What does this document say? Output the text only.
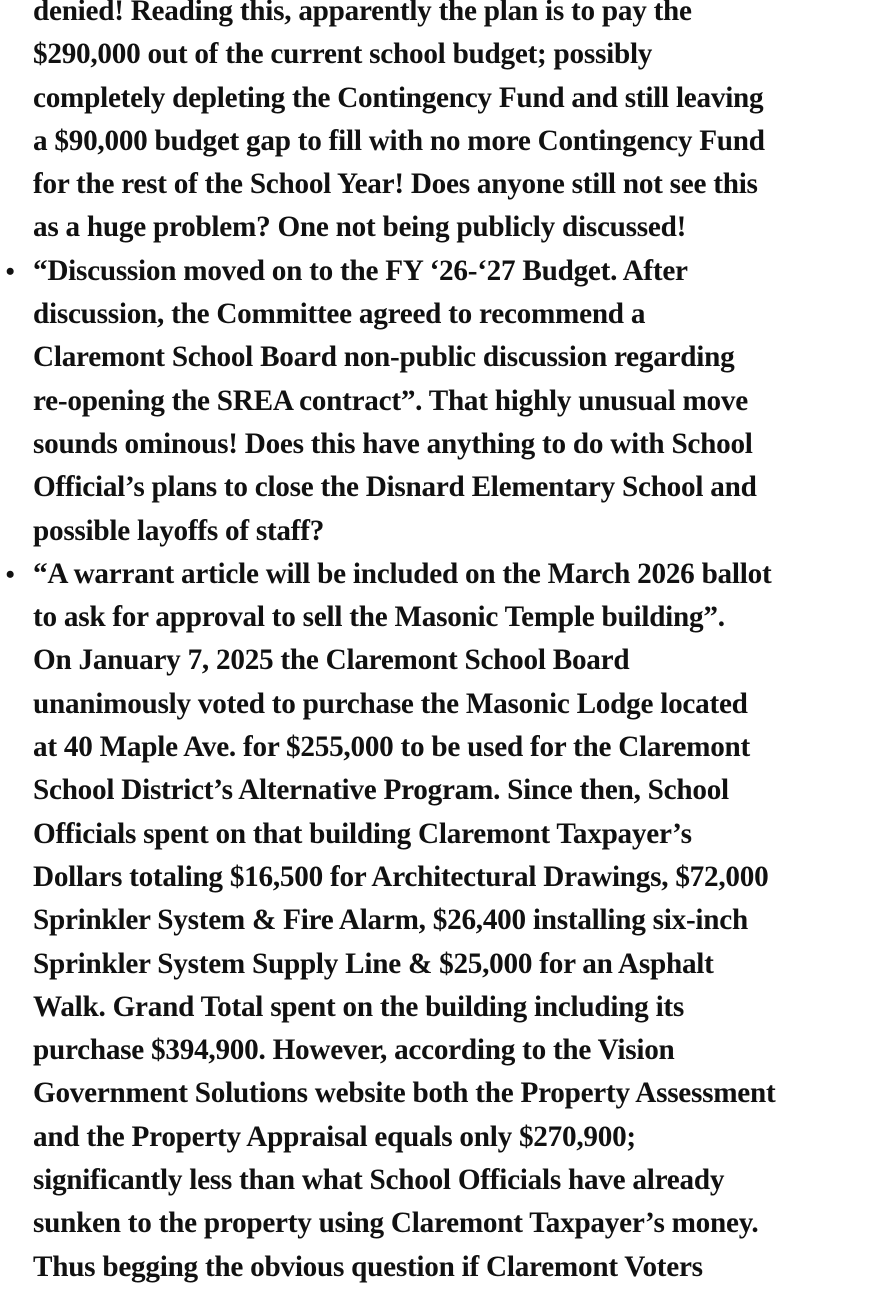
denied! Reading this, apparently the plan is to pay the
$290,000 out of the current school budget; possibly
completely depleting the Contingency Fund and still leaving
a $90,000 budget gap to fill with no more Contingency Fund
for the rest of the School Year! Does anyone still not see this
as a huge problem? One not being publicly discussed!
• “Discussion moved on to the FY ‘26-‘27 Budget. After
discussion, the Committee agreed to recommend a
Claremont School Board non-public discussion regarding
re-opening the SREA contract”. That highly unusual move
sounds ominous! Does this have anything to do with School
Official’s plans to close the Disnard Elementary School and
possible layoffs of staff?
• “A warrant article will be included on the March 2026 ballot
to ask for approval to sell the Masonic Temple building”.
On January 7, 2025 the Claremont School Board
unanimously voted to purchase the Masonic Lodge located
at 40 Maple Ave. for $255,000 to be used for the Claremont
School District’s Alternative Program. Since then, School
Officials spent on that building Claremont Taxpayer’s
Dollars totaling $16,500 for Architectural Drawings, $72,000
Sprinkler System & Fire Alarm, $26,400 installing six-inch
Sprinkler System Supply Line & $25,000 for an Asphalt
Walk. Grand Total spent on the building including its
purchase $394,900. However, according to the Vision
Government Solutions website both the Property Assessment
and the Property Appraisal equals only $270,900;
significantly less than what School Officials have already
sunken to the property using Claremont Taxpayer’s money.
Thus begging the obvious question if Claremont Voters
